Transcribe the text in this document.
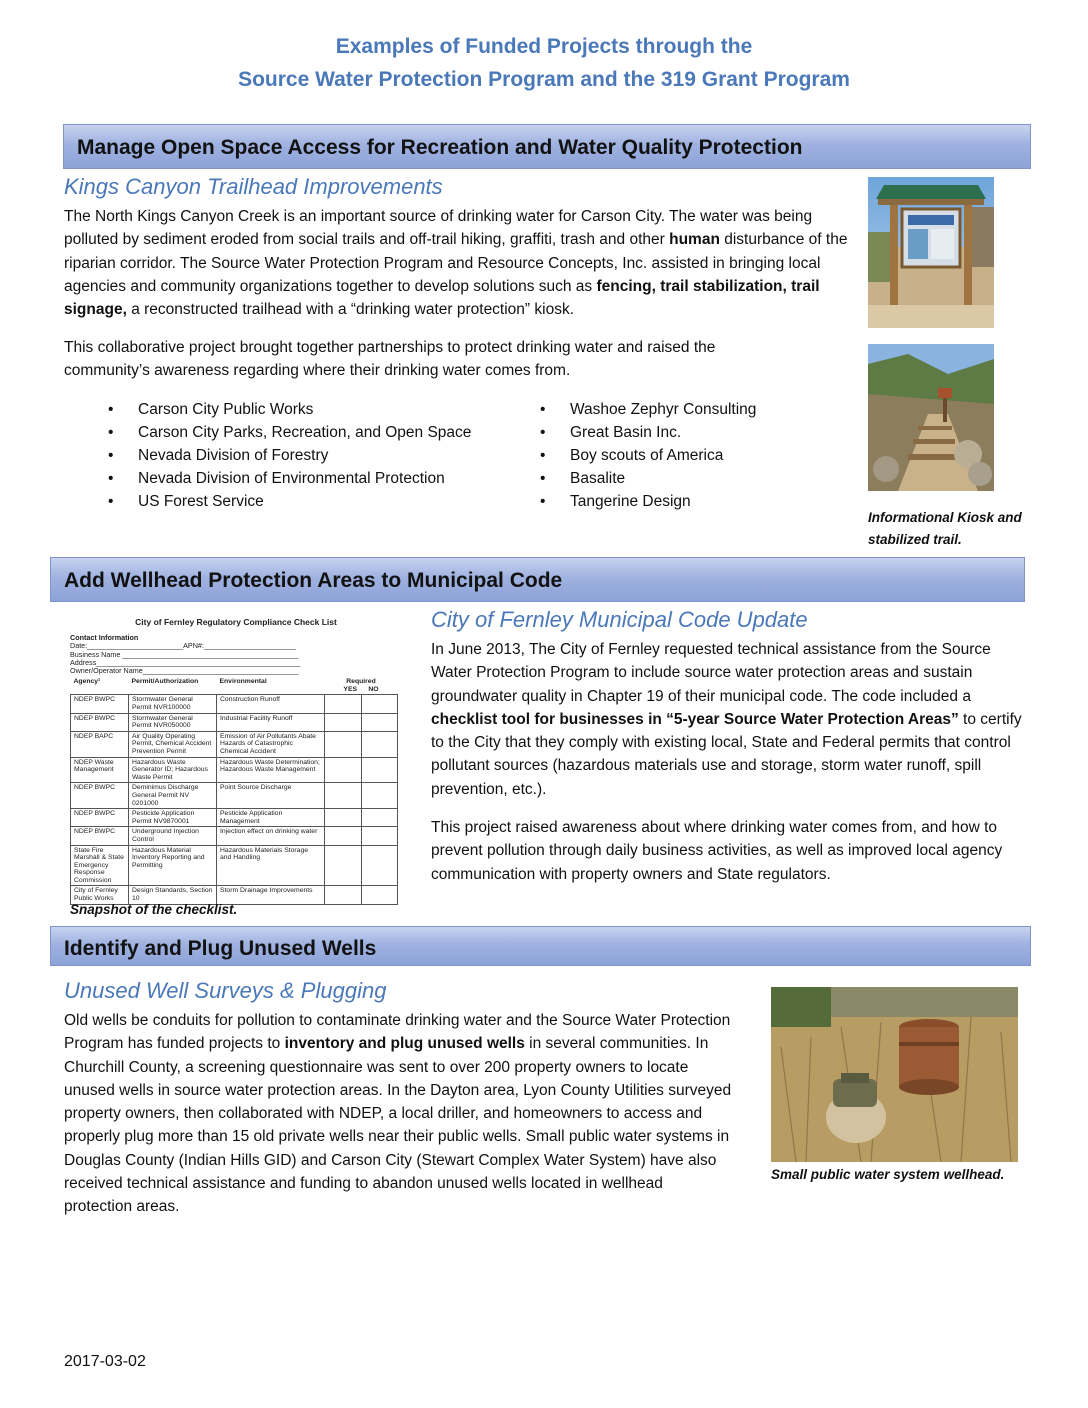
Examples of Funded Projects through the
Source Water Protection Program and the 319 Grant Program
Manage Open Space Access for Recreation and Water Quality Protection
Kings Canyon Trailhead Improvements
The North Kings Canyon Creek is an important source of drinking water for Carson City. The water was being polluted by sediment eroded from social trails and off-trail hiking, graffiti, trash and other human disturbance of the riparian corridor. The Source Water Protection Program and Resource Concepts, Inc. assisted in bringing local agencies and community organizations together to develop solutions such as fencing, trail stabilization, trail signage, a reconstructed trailhead with a “drinking water protection” kiosk.
This collaborative project brought together partnerships to protect drinking water and raised the community’s awareness regarding where their drinking water comes from.
• Carson City Public Works
• Carson City Parks, Recreation, and Open Space
• Nevada Division of Forestry
• Nevada Division of Environmental Protection
• US Forest Service
• Washoe Zephyr Consulting
• Great Basin Inc.
• Boy scouts of America
• Basalite
• Tangerine Design
Informational Kiosk and stabilized trail.
Add Wellhead Protection Areas to Municipal Code
City of Fernley Regulatory Compliance Check List
Contact Information
Date:________________________APN#:_______________________
Business Name ____________________________________________
Address___________________________________________________
Owner/Operator Name_______________________________________
Agency¹	Permit/Authorization	Environmental	Required
YES NO	
NDEP BWPC	Stormwater General Permit NVR100000	Construction Runoff		
NDEP BWPC	Stormwater General Permit NVR050000	Industrial Facility Runoff		
NDEP BAPC	Air Quality Operating Permit, Chemical Accident Prevention Permit	Emission of Air Pollutants Abate Hazards of Catastrophic Chemical Accident		
NDEP Waste Management	Hazardous Waste Generator ID; Hazardous Waste Permit	Hazardous Waste Determination; Hazardous Waste Management		
NDEP BWPC	Deminimus Discharge General Permit NV 0201000	Point Source Discharge		
NDEP BWPC	Pesticide Application Permit NV9870001	Pesticide Application Management		
NDEP BWPC	Underground Injection Control	Injection effect on drinking water		
State Fire Marshall & State Emergency Response Commission	Hazardous Material Inventory Reporting and Permitting	Hazardous Materials Storage and Handling		
City of Fernley Public Works	Design Standards, Section 10	Storm Drainage Improvements		
Snapshot of the checklist.
City of Fernley Municipal Code Update
In June 2013, The City of Fernley requested technical assistance from the Source Water Protection Program to include source water protection areas and sustain groundwater quality in Chapter 19 of their municipal code. The code included a checklist tool for businesses in “5-year Source Water Protection Areas” to certify to the City that they comply with existing local, State and Federal permits that control pollutant sources (hazardous materials use and storage, storm water runoff, spill prevention, etc.).
This project raised awareness about where drinking water comes from, and how to prevent pollution through daily business activities, as well as improved local agency communication with property owners and State regulators.
Identify and Plug Unused Wells
Unused Well Surveys & Plugging
Old wells be conduits for pollution to contaminate drinking water and the Source Water Protection Program has funded projects to inventory and plug unused wells in several communities. In Churchill County, a screening questionnaire was sent to over 200 property owners to locate unused wells in source water protection areas. In the Dayton area, Lyon County Utilities surveyed property owners, then collaborated with NDEP, a local driller, and homeowners to access and properly plug more than 15 old private wells near their public wells. Small public water systems in Douglas County (Indian Hills GID) and Carson City (Stewart Complex Water System) have also received technical assistance and funding to abandon unused wells located in wellhead protection areas.
Small public water system wellhead.
2017-03-02
